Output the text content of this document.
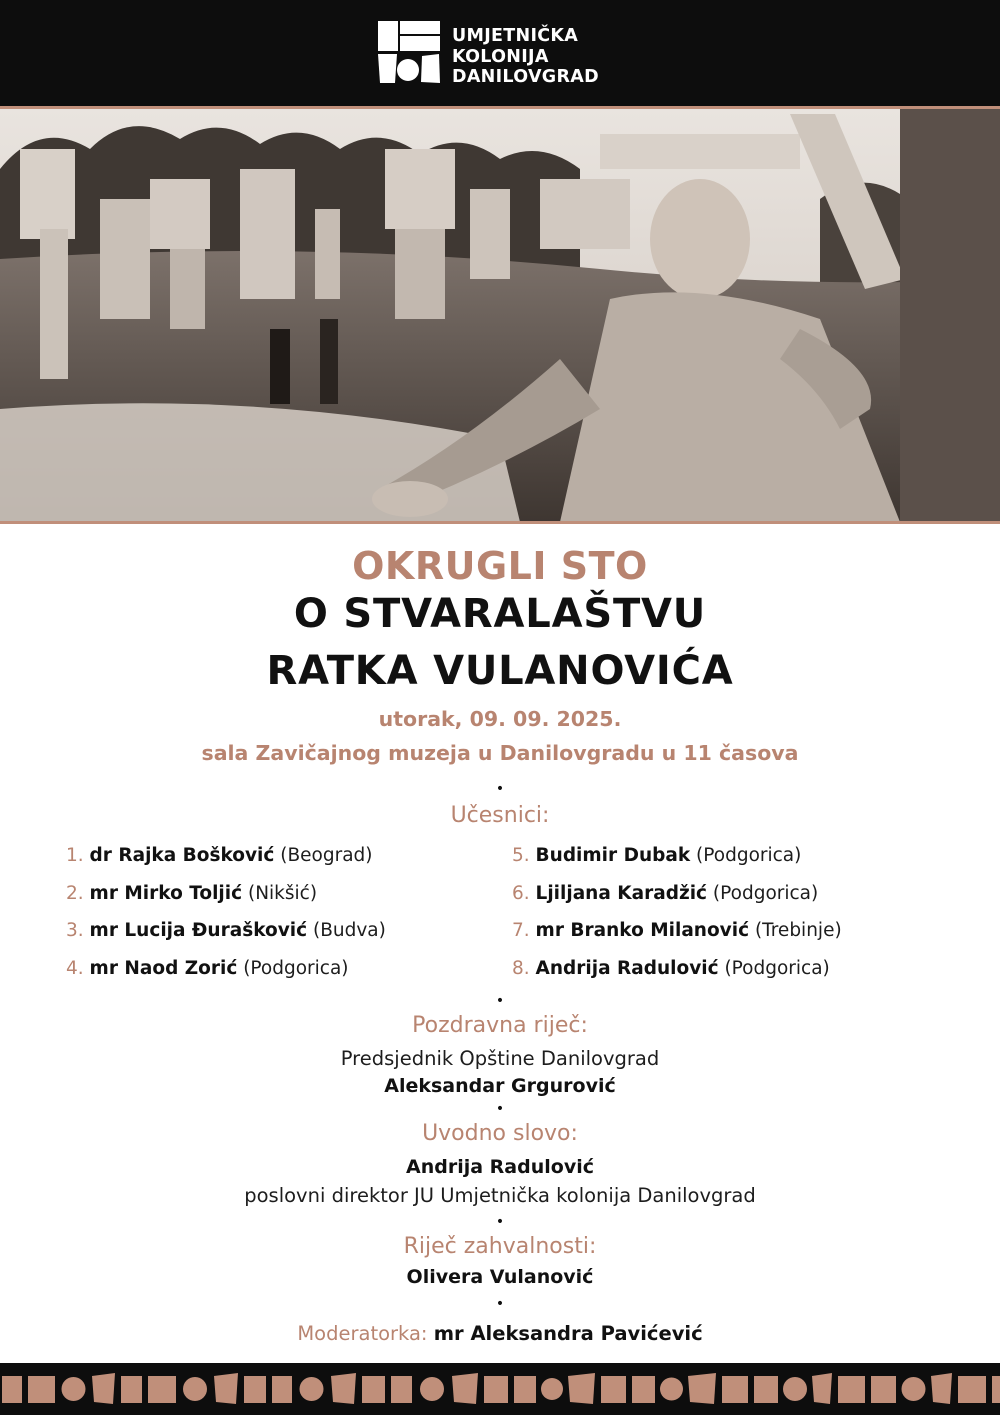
UMJETNIČKA
KOLONIJA
DANILOVGRAD
OKRUGLI STO
O STVARALAŠTVU
RATKA VULANOVIĆA
utorak, 09. 09. 2025.
sala Zavičajnog muzeja u Danilovgradu u 11 časova
•
Učesnici:
1. dr Rajka Bošković (Beograd)
2. mr Mirko Toljić (Nikšić)
3. mr Lucija Đurašković (Budva)
4. mr Naod Zorić (Podgorica)
5. Budimir Dubak (Podgorica)
6. Ljiljana Karadžić (Podgorica)
7. mr Branko Milanović (Trebinje)
8. Andrija Radulović (Podgorica)
•
Pozdravna riječ:
Predsjednik Opštine Danilovgrad
Aleksandar Grgurović
•
Uvodno slovo:
Andrija Radulović
poslovni direktor JU Umjetnička kolonija Danilovgrad
•
Riječ zahvalnosti:
Olivera Vulanović
•
Moderatorka: mr Aleksandra Pavićević
